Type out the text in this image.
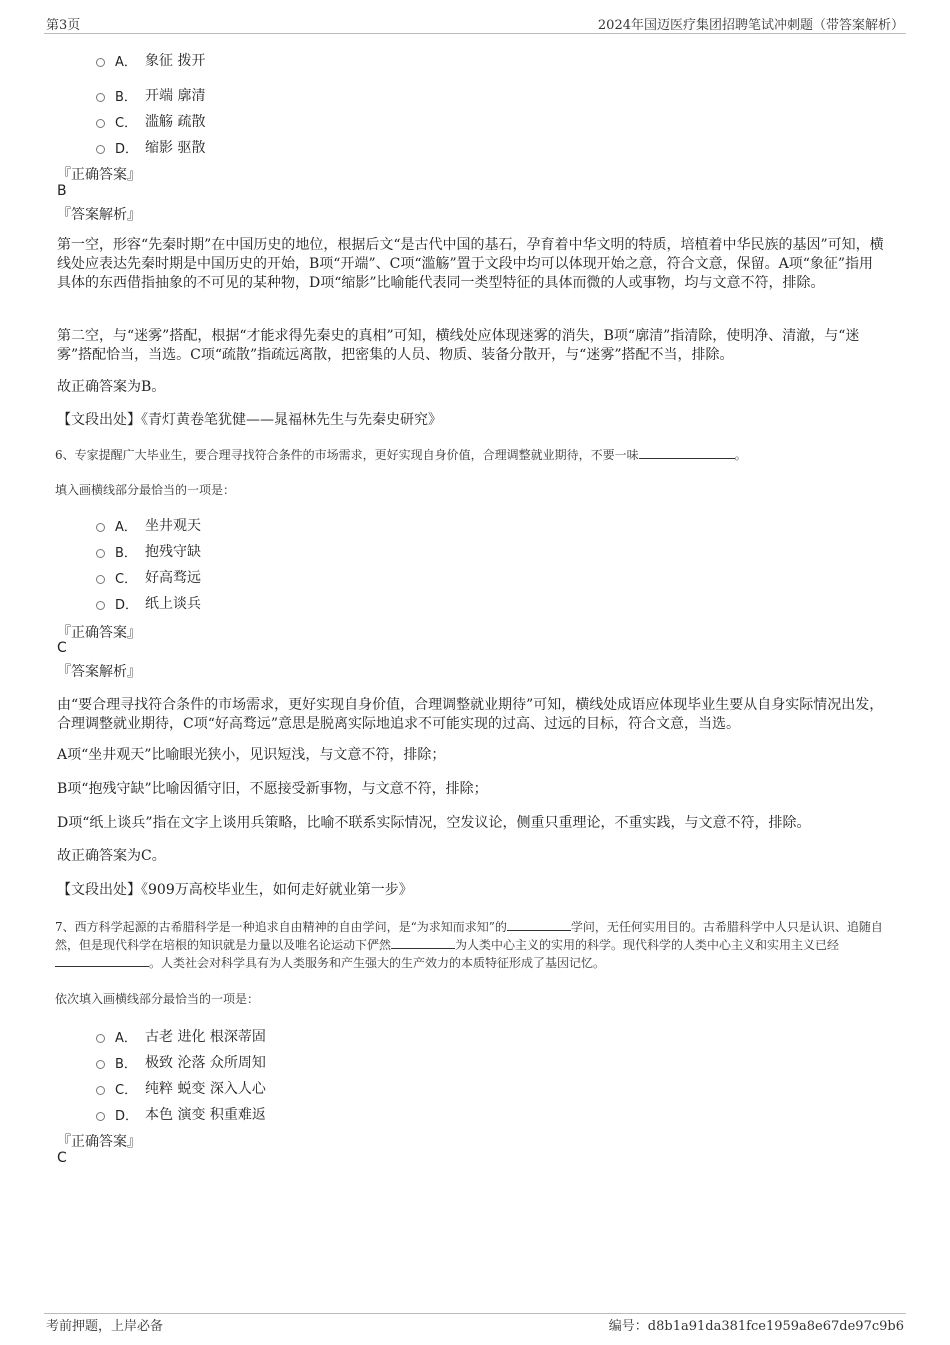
第3页	2024年国迈医疗集团招聘笔试冲刺题（带答案解析）
A． 象征 拨开
B． 开端 廓清
C． 滥觞 疏散
D． 缩影 驱散
『正确答案』
B
『答案解析』
第一空，形容“先秦时期”在中国历史的地位，根据后文“是古代中国的基石，孕育着中华文明的特质，培植着中华民族的基因”可知，横线处应表达先秦时期是中国历史的开始，B项“开端”、C项“滥觞”置于文段中均可以体现开始之意，符合文意，保留。A项“象征”指用具体的东西借指抽象的不可见的某种物，D项“缩影”比喻能代表同一类型特征的具体而微的人或事物，均与文意不符，排除。
第二空，与“迷雾”搭配，根据“才能求得先秦史的真相”可知，横线处应体现迷雾的消失，B项“廓清”指清除，使明净、清澈，与“迷雾”搭配恰当，当选。C项“疏散”指疏远离散，把密集的人员、物质、装备分散开，与“迷雾”搭配不当，排除。
故正确答案为B。
【文段出处】《青灯黄卷笔犹健——晁福林先生与先秦史研究》
6、专家提醒广大毕业生，要合理寻找符合条件的市场需求，更好实现自身价值，合理调整就业期待，不要一味	。
填入画横线部分最恰当的一项是：
A． 坐井观天
B． 抱残守缺
C． 好高骛远
D． 纸上谈兵
『正确答案』
C
『答案解析』
由“要合理寻找符合条件的市场需求，更好实现自身价值，合理调整就业期待”可知，横线处成语应体现毕业生要从自身实际情况出发，合理调整就业期待，C项“好高骛远”意思是脱离实际地追求不可能实现的过高、过远的目标，符合文意，当选。
A项“坐井观天”比喻眼光狭小，见识短浅，与文意不符，排除；
B项“抱残守缺”比喻因循守旧，不愿接受新事物，与文意不符，排除；
D项“纸上谈兵”指在文字上谈用兵策略，比喻不联系实际情况，空发议论，侧重只重理论，不重实践，与文意不符，排除。
故正确答案为C。
【文段出处】《909万高校毕业生，如何走好就业第一步》
7、西方科学起源的古希腊科学是一种追求自由精神的自由学问，是“为求知而求知”的	学问，无任何实用目的。古希腊科学中人只是认识、追随自然，但是现代科学在培根的知识就是力量以及唯名论运动下俨然	为人类中心主义的实用的科学。现代科学的人类中心主义和实用主义已经。人类社会对科学具有为人类服务和产生强大的生产效力的本质特征形成了基因记忆。
依次填入画横线部分最恰当的一项是：
A． 古老 进化 根深蒂固
B． 极致 沦落 众所周知
C． 纯粹 蜕变 深入人心
D． 本色 演变 积重难返
『正确答案』
C
考前押题，上岸必备	编号：d8b1a91da381fce1959a8e67de97c9b6
